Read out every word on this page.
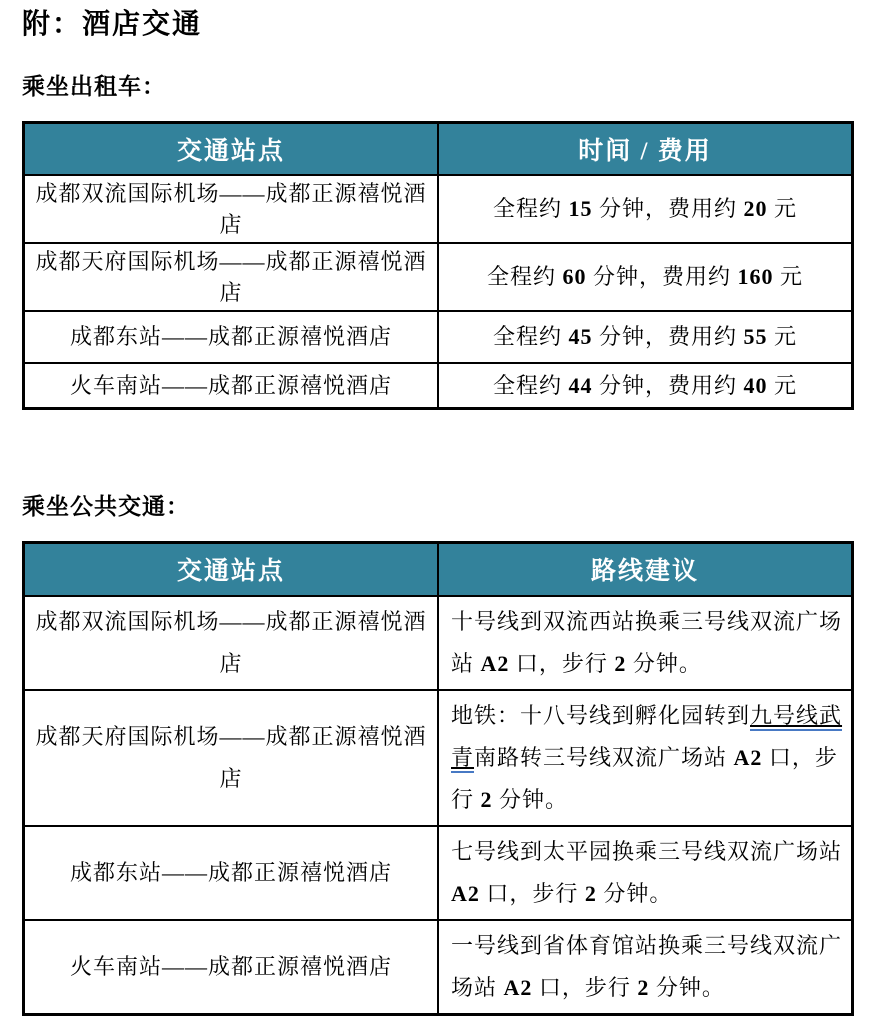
附：酒店交通

乘坐出租车：

交通站点	时间 / 费用
成都双流国际机场——成都正源禧悦酒店	全程约 15 分钟，费用约 20 元
成都天府国际机场——成都正源禧悦酒店	全程约 60 分钟，费用约 160 元
成都东站——成都正源禧悦酒店	全程约 45 分钟，费用约 55 元
火车南站——成都正源禧悦酒店	全程约 44 分钟，费用约 40 元

乘坐公共交通：

交通站点	路线建议
成都双流国际机场——成都正源禧悦酒店	十号线到双流西站换乘三号线双流广场站 A2 口，步行 2 分钟。
成都天府国际机场——成都正源禧悦酒店	地铁：十八号线到孵化园转到九号线武青南路转三号线双流广场站 A2 口，步行 2 分钟。
成都东站——成都正源禧悦酒店	七号线到太平园换乘三号线双流广场站 A2 口，步行 2 分钟。
火车南站——成都正源禧悦酒店	一号线到省体育馆站换乘三号线双流广场站 A2 口，步行 2 分钟。
